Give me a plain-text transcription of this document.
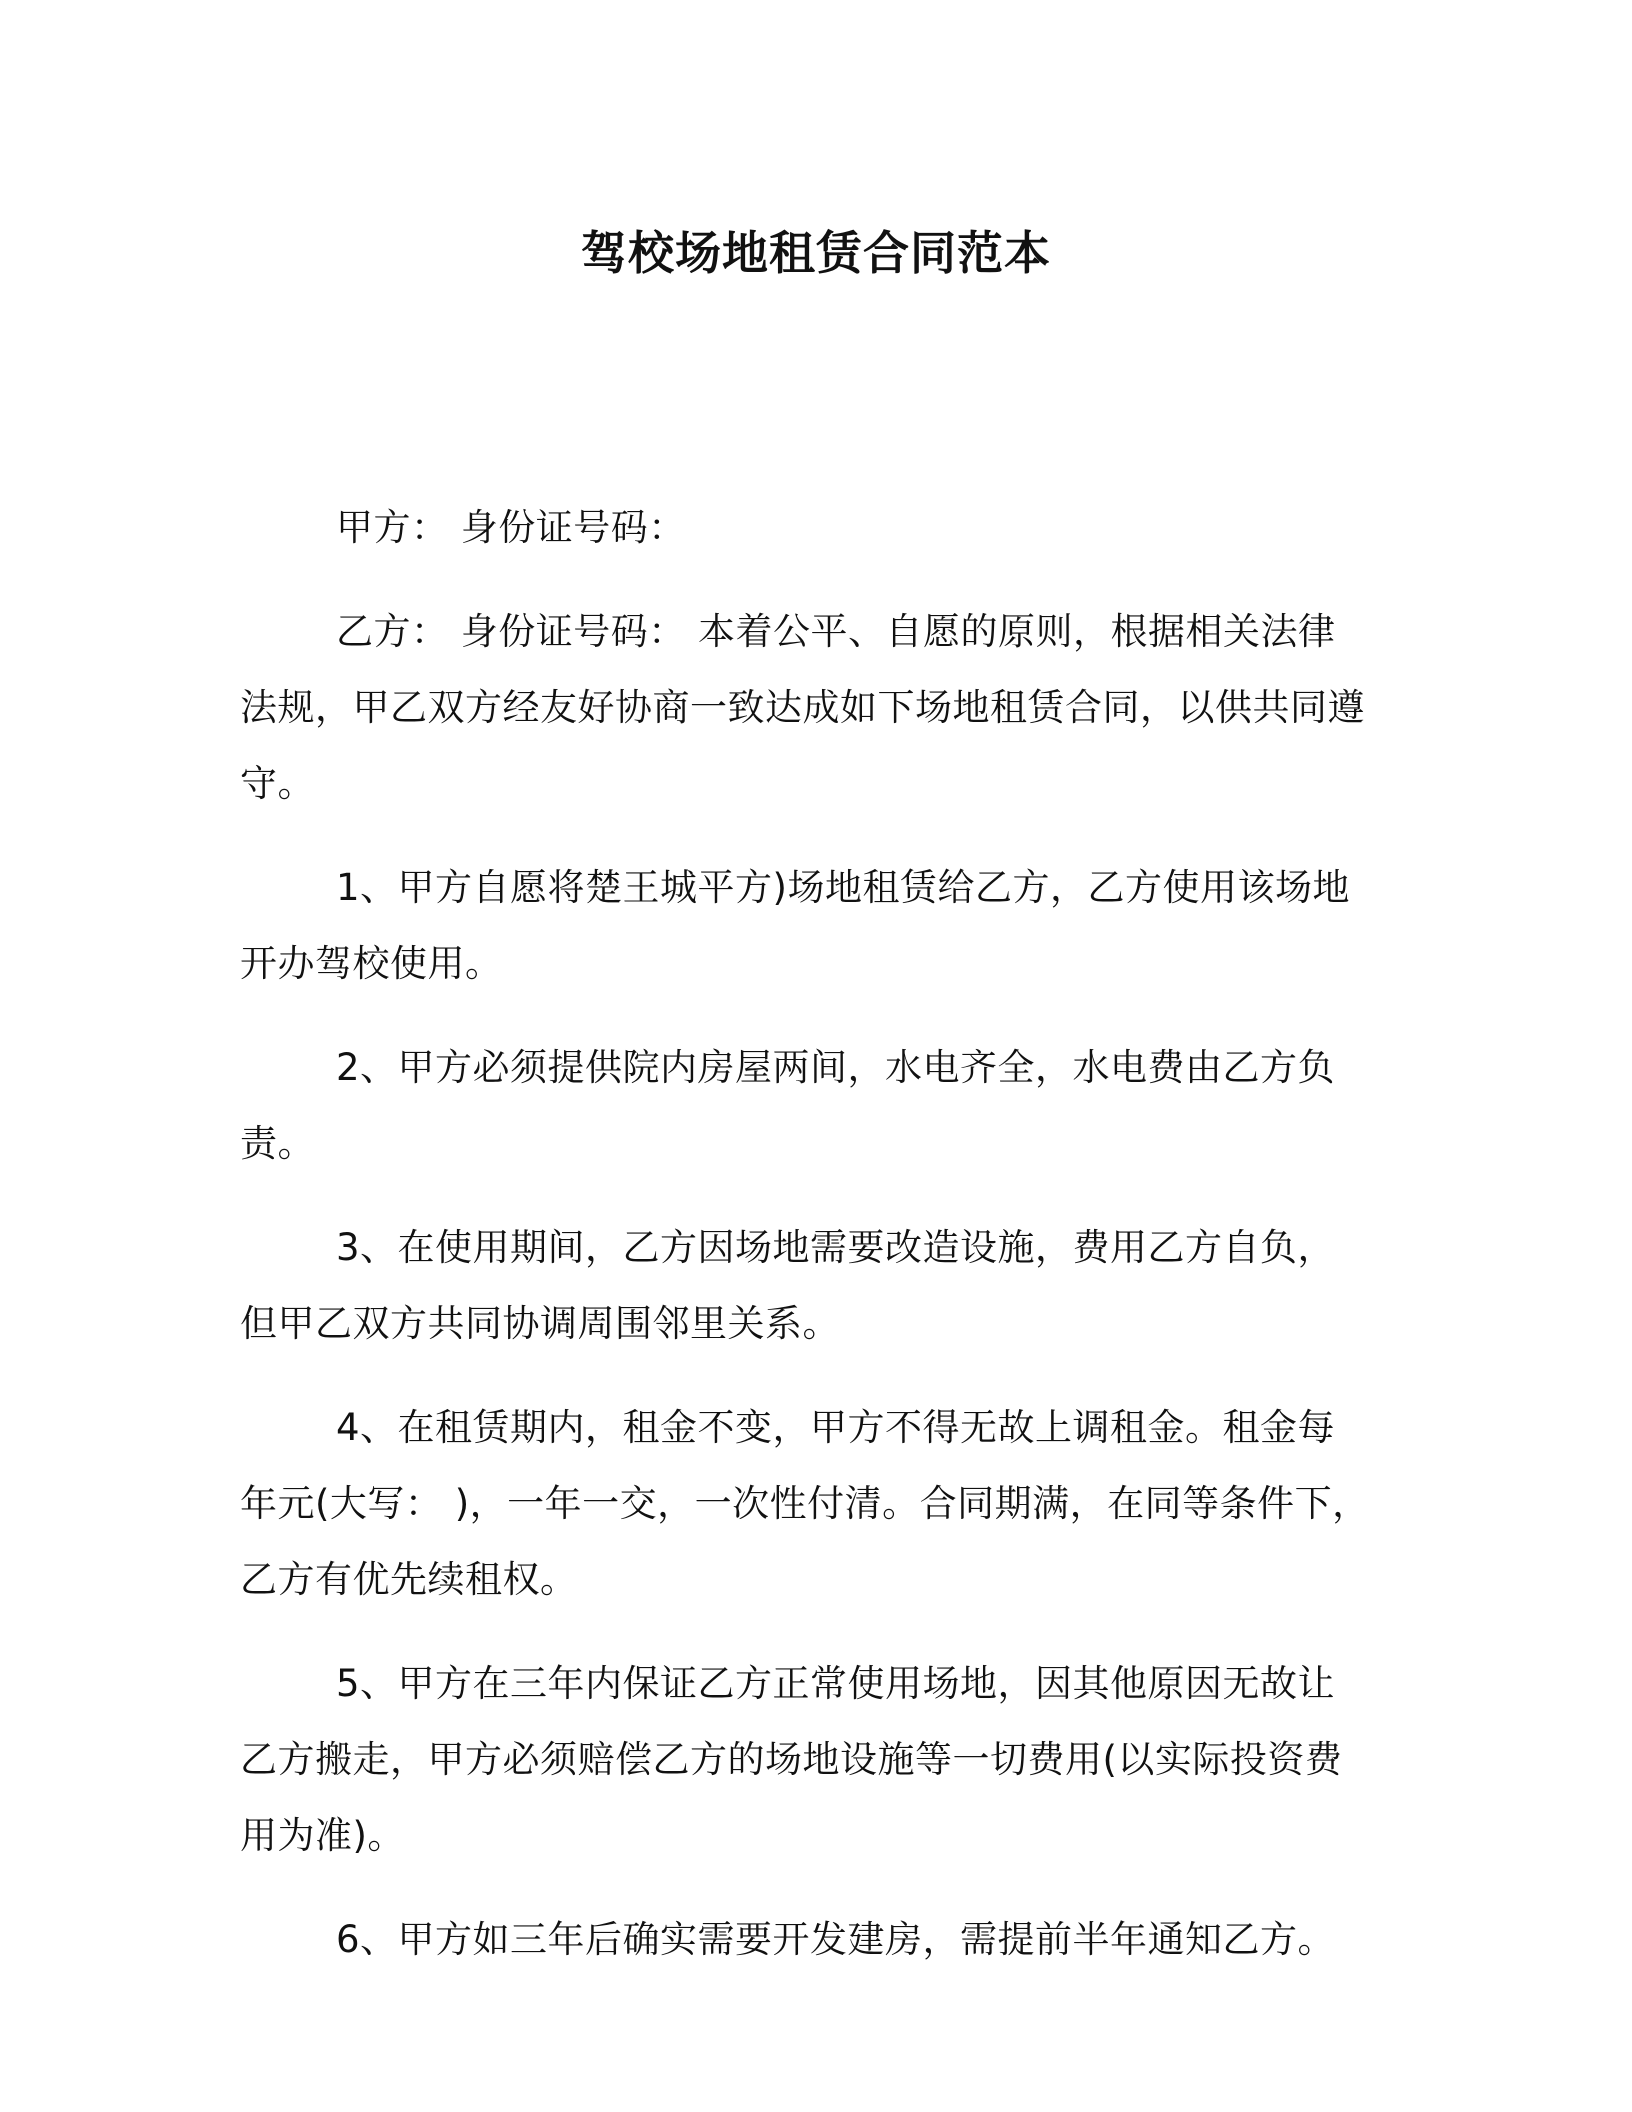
驾校场地租赁合同范本

甲方： 身份证号码：

乙方： 身份证号码： 本着公平、自愿的原则，根据相关法律法规，甲乙双方经友好协商一致达成如下场地租赁合同，以供共同遵守。

1、甲方自愿将楚王城平方)场地租赁给乙方，乙方使用该场地开办驾校使用。

2、甲方必须提供院内房屋两间，水电齐全，水电费由乙方负责。

3、在使用期间，乙方因场地需要改造设施，费用乙方自负，但甲乙双方共同协调周围邻里关系。

4、在租赁期内，租金不变，甲方不得无故上调租金。租金每年元(大写： )，一年一交，一次性付清。合同期满，在同等条件下，乙方有优先续租权。

5、甲方在三年内保证乙方正常使用场地，因其他原因无故让乙方搬走，甲方必须赔偿乙方的场地设施等一切费用(以实际投资费用为准)。

6、甲方如三年后确实需要开发建房，需提前半年通知乙方。
